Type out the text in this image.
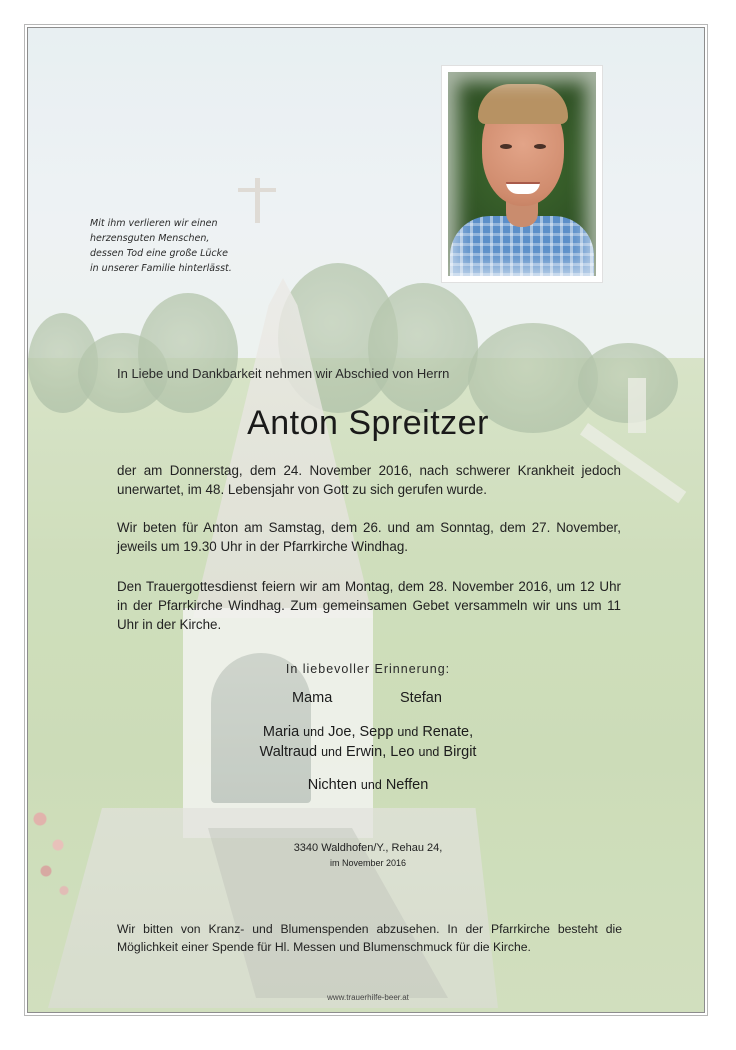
Mit ihm verlieren wir einen
herzensguten Menschen,
dessen Tod eine große Lücke
in unserer Familie hinterlässt.
In Liebe und Dankbarkeit nehmen wir Abschied von Herrn
Anton Spreitzer
der am Donnerstag, dem 24. November 2016, nach schwerer Krankheit jedoch unerwartet, im 48. Lebensjahr von Gott zu sich gerufen wurde.
Wir beten für Anton am Samstag, dem 26. und am Sonntag, dem 27. November, jeweils um 19.30 Uhr in der Pfarrkirche Windhag.
Den Trauergottesdienst feiern wir am Montag, dem 28. November 2016, um 12 Uhr in der Pfarrkirche Windhag. Zum gemeinsamen Gebet versammeln wir uns um 11 Uhr in der Kirche.
In liebevoller Erinnerung:
Mama	Stefan
Maria und Joe, Sepp und Renate,
Waltraud und Erwin, Leo und Birgit
Nichten und Neffen
3340 Waldhofen/Y., Rehau 24,
im November 2016
Wir bitten von Kranz- und Blumenspenden abzusehen. In der Pfarrkirche besteht die Möglichkeit einer Spende für Hl. Messen und Blumenschmuck für die Kirche.
www.trauerhilfe-beer.at
